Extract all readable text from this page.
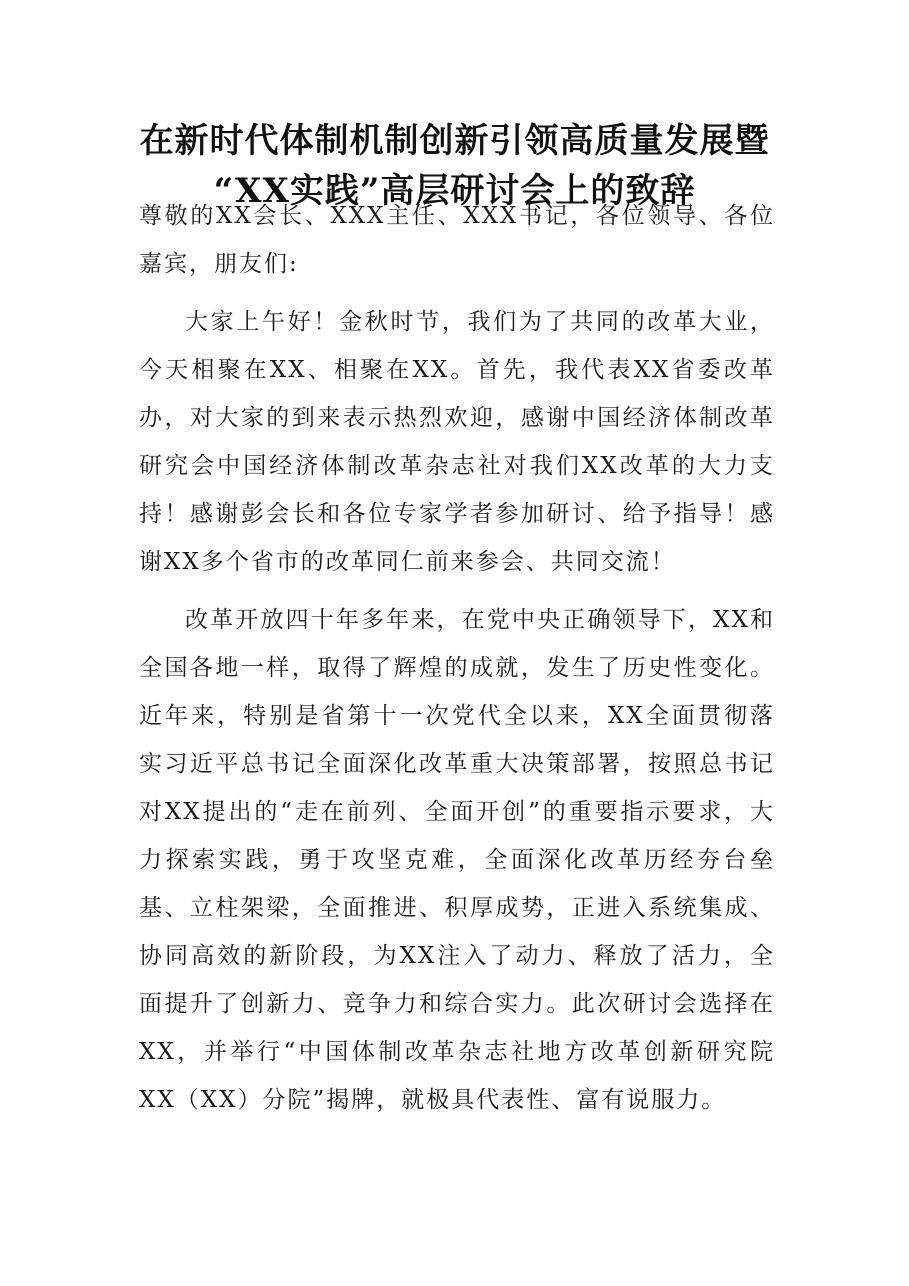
在新时代体制机制创新引领高质量发展暨
“XX实践”高层研讨会上的致辞

尊敬的XX会长、XXX主任、XXX书记，各位领导、各位嘉宾，朋友们:

大家上午好！金秋时节，我们为了共同的改革大业，今天相聚在XX、相聚在XX。首先，我代表XX省委改革办，对大家的到来表示热烈欢迎，感谢中国经济体制改革研究会中国经济体制改革杂志社对我们XX改革的大力支持！感谢彭会长和各位专家学者参加研讨、给予指导！感谢XX多个省市的改革同仁前来参会、共同交流！

改革开放四十年多年来，在党中央正确领导下，XX和全国各地一样，取得了辉煌的成就，发生了历史性变化。近年来，特别是省第十一次党代全以来，XX全面贯彻落实习近平总书记全面深化改革重大决策部署，按照总书记对XX提出的“走在前列、全面开创”的重要指示要求，大力探索实践，勇于攻坚克难，全面深化改革历经夯台垒基、立柱架梁，全面推进、积厚成势，正进入系统集成、协同高效的新阶段，为XX注入了动力、释放了活力，全面提升了创新力、竞争力和综合实力。此次研讨会选择在XX，并举行“中国体制改革杂志社地方改革创新研究院XX（XX）分院”揭牌，就极具代表性、富有说服力。
